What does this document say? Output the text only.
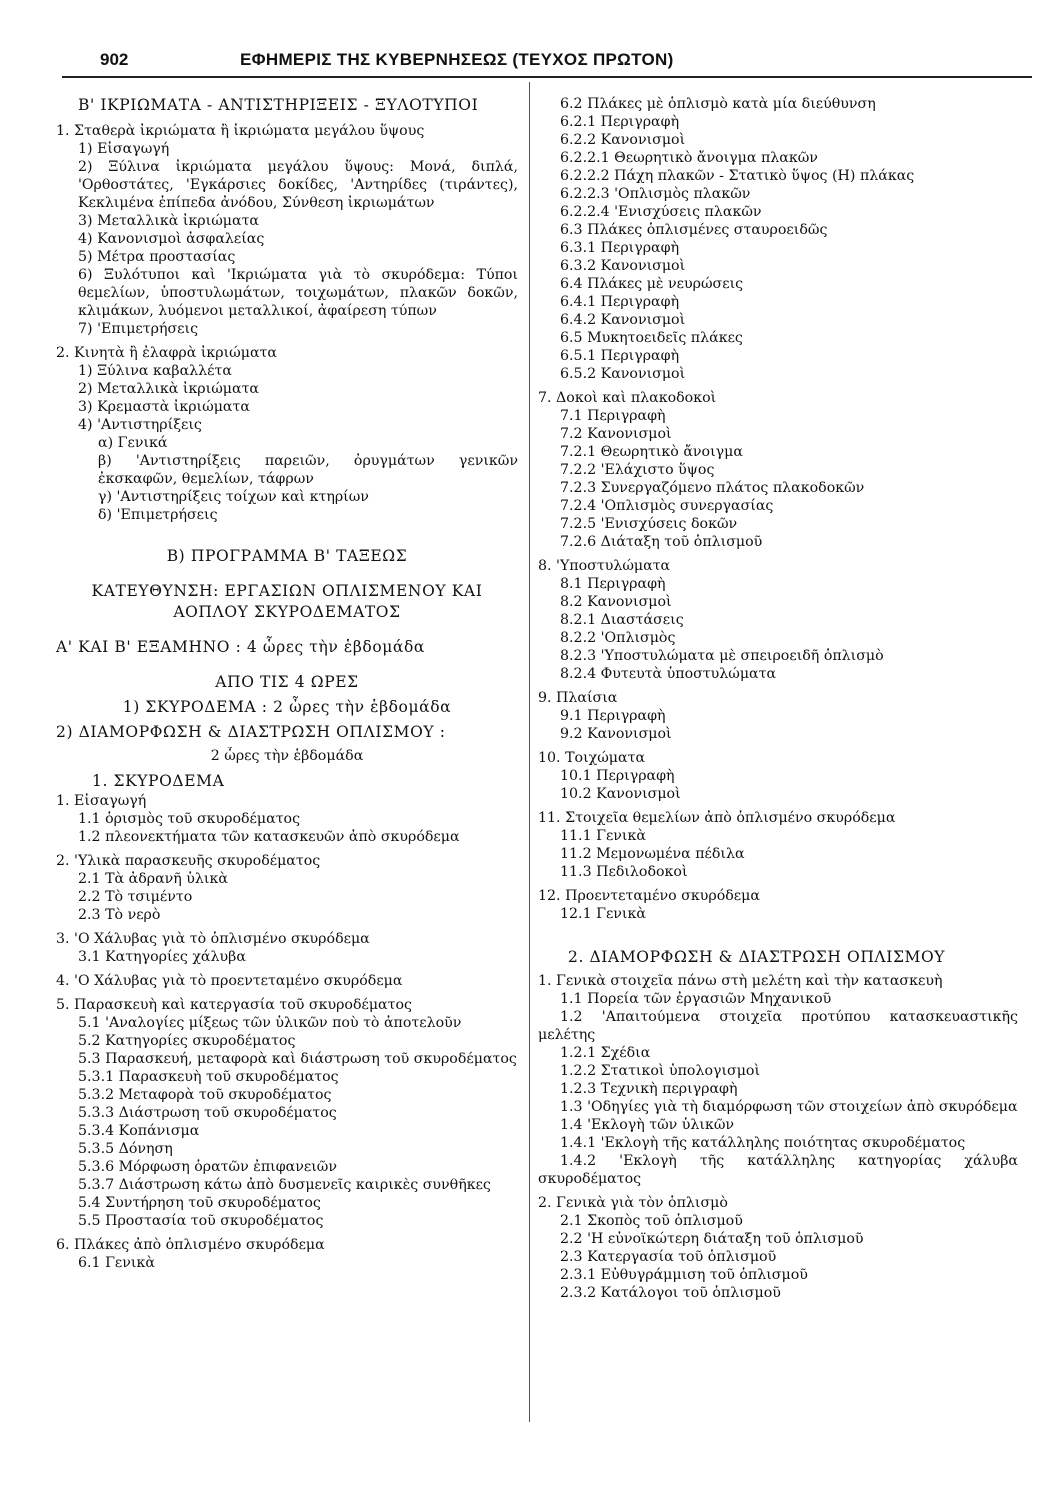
902	ΕΦΗΜΕΡΙΣ ΤΗΣ ΚΥΒΕΡΝΗΣΕΩΣ (ΤΕΥΧΟΣ ΠΡΩΤΟΝ)
Β' ΙΚΡΙΩΜΑΤΑ - ΑΝΤΙΣΤΗΡΙΞΕΙΣ - ΞΥΛΟΤΥΠΟΙ
1. Σταθερὰ ἰκριώματα ἢ ἰκριώματα μεγάλου ὕψους
1) Εἰσαγωγή
2) Ξύλινα ἰκριώματα μεγάλου ὕψους: Μονά, διπλά, 'Ορθοστάτες, 'Εγκάρσιες δοκίδες, 'Αντηρίδες (τιράντες), Κεκλιμένα ἐπίπεδα ἀνόδου, Σύνθεση ἰκριωμάτων
3) Μεταλλικὰ ἰκριώματα
4) Κανονισμοὶ ἀσφαλείας
5) Μέτρα προστασίας
6) Ξυλότυποι καὶ 'Ικριώματα γιὰ τὸ σκυρόδεμα: Τύποι θεμελίων, ὑποστυλωμάτων, τοιχωμάτων, πλακῶν δοκῶν, κλιμάκων, λυόμενοι μεταλλικοί, ἀφαίρεση τύπων
7) 'Επιμετρήσεις
2. Κινητὰ ἢ ἐλαφρὰ ἰκριώματα
1) Ξύλινα καβαλλέτα
2) Μεταλλικὰ ἰκριώματα
3) Κρεμαστὰ ἰκριώματα
4) 'Αντιστηρίξεις
α) Γενικά
β) 'Αντιστηρίξεις παρειῶν, ὀρυγμάτων γενικῶν ἐκσκαφῶν, θεμελίων, τάφρων
γ) 'Αντιστηρίξεις τοίχων καὶ κτηρίων
δ) 'Επιμετρήσεις
Β) ΠΡΟΓΡΑΜΜΑ Β' ΤΑΞΕΩΣ
ΚΑΤΕΥΘΥΝΣΗ: ΕΡΓΑΣΙΩΝ ΟΠΛΙΣΜΕΝΟΥ ΚΑΙ
ΑΟΠΛΟΥ ΣΚΥΡΟΔΕΜΑΤΟΣ
Α' ΚΑΙ Β' ΕΞΑΜΗΝΟ : 4 ὧρες τὴν ἑβδομάδα
ΑΠΟ ΤΙΣ 4 ΩΡΕΣ
1) ΣΚΥΡΟΔΕΜΑ : 2 ὧρες τὴν ἑβδομάδα
2) ΔΙΑΜΟΡΦΩΣΗ & ΔΙΑΣΤΡΩΣΗ ΟΠΛΙΣΜΟΥ :
2 ὧρες τὴν ἑβδομάδα
1. ΣΚΥΡΟΔΕΜΑ
1. Εἰσαγωγή
1.1 ὁρισμὸς τοῦ σκυροδέματος
1.2 πλεονεκτήματα τῶν κατασκευῶν ἀπὸ σκυρόδεμα
2. 'Υλικὰ παρασκευῆς σκυροδέματος
2.1 Τὰ ἀδρανῆ ὑλικὰ
2.2 Τὸ τσιμέντο
2.3 Τὸ νερὸ
3. 'Ο Χάλυβας γιὰ τὸ ὁπλισμένο σκυρόδεμα
3.1 Κατηγορίες χάλυβα
4. 'Ο Χάλυβας γιὰ τὸ προεντεταμένο σκυρόδεμα
5. Παρασκευὴ καὶ κατεργασία τοῦ σκυροδέματος
5.1 'Αναλογίες μίξεως τῶν ὑλικῶν ποὺ τὸ ἀποτελοῦν
5.2 Κατηγορίες σκυροδέματος
5.3 Παρασκευή, μεταφορὰ καὶ διάστρωση τοῦ σκυροδέματος
5.3.1 Παρασκευὴ τοῦ σκυροδέματος
5.3.2 Μεταφορὰ τοῦ σκυροδέματος
5.3.3 Διάστρωση τοῦ σκυροδέματος
5.3.4 Κοπάνισμα
5.3.5 Δόνηση
5.3.6 Μόρφωση ὁρατῶν ἐπιφανειῶν
5.3.7 Διάστρωση κάτω ἀπὸ δυσμενεῖς καιρικὲς συνθῆκες
5.4 Συντήρηση τοῦ σκυροδέματος
5.5 Προστασία τοῦ σκυροδέματος
6. Πλάκες ἀπὸ ὁπλισμένο σκυρόδεμα
6.1 Γενικὰ
6.2 Πλάκες μὲ ὁπλισμὸ κατὰ μία διεύθυνση
6.2.1 Περιγραφὴ
6.2.2 Κανονισμοὶ
6.2.2.1 Θεωρητικὸ ἄνοιγμα πλακῶν
6.2.2.2 Πάχη πλακῶν - Στατικὸ ὕψος (Η) πλάκας
6.2.2.3 'Οπλισμὸς πλακῶν
6.2.2.4 'Ενισχύσεις πλακῶν
6.3 Πλάκες ὁπλισμένες σταυροειδῶς
6.3.1 Περιγραφὴ
6.3.2 Κανονισμοὶ
6.4 Πλάκες μὲ νευρώσεις
6.4.1 Περιγραφὴ
6.4.2 Κανονισμοὶ
6.5 Μυκητοειδεῖς πλάκες
6.5.1 Περιγραφὴ
6.5.2 Κανονισμοὶ
7. Δοκοὶ καὶ πλακοδοκοὶ
7.1 Περιγραφὴ
7.2 Κανονισμοὶ
7.2.1 Θεωρητικὸ ἄνοιγμα
7.2.2 'Ελάχιστο ὕψος
7.2.3 Συνεργαζόμενο πλάτος πλακοδοκῶν
7.2.4 'Οπλισμὸς συνεργασίας
7.2.5 'Ενισχύσεις δοκῶν
7.2.6 Διάταξη τοῦ ὁπλισμοῦ
8. 'Υποστυλώματα
8.1 Περιγραφὴ
8.2 Κανονισμοὶ
8.2.1 Διαστάσεις
8.2.2 'Οπλισμὸς
8.2.3 'Υποστυλώματα μὲ σπειροειδῆ ὁπλισμὸ
8.2.4 Φυτευτὰ ὑποστυλώματα
9. Πλαίσια
9.1 Περιγραφὴ
9.2 Κανονισμοὶ
10. Τοιχώματα
10.1 Περιγραφὴ
10.2 Κανονισμοὶ
11. Στοιχεῖα θεμελίων ἀπὸ ὁπλισμένο σκυρόδεμα
11.1 Γενικὰ
11.2 Μεμονωμένα πέδιλα
11.3 Πεδιλοδοκοὶ
12. Προεντεταμένο σκυρόδεμα
12.1 Γενικὰ
2. ΔΙΑΜΟΡΦΩΣΗ & ΔΙΑΣΤΡΩΣΗ ΟΠΛΙΣΜΟΥ
1. Γενικὰ στοιχεῖα πάνω στὴ μελέτη καὶ τὴν κατασκευὴ
1.1 Πορεία τῶν ἐργασιῶν Μηχανικοῦ
1.2 'Απαιτούμενα στοιχεῖα προτύπου κατασκευαστικῆς μελέτης
1.2.1 Σχέδια
1.2.2 Στατικοὶ ὑπολογισμοὶ
1.2.3 Τεχνικὴ περιγραφὴ
1.3 'Οδηγίες γιὰ τὴ διαμόρφωση τῶν στοιχείων ἀπὸ σκυρόδεμα
1.4 'Εκλογὴ τῶν ὑλικῶν
1.4.1 'Εκλογὴ τῆς κατάλληλης ποιότητας σκυροδέματος
1.4.2 'Εκλογὴ τῆς κατάλληλης κατηγορίας χάλυβα σκυροδέματος
2. Γενικὰ γιὰ τὸν ὁπλισμὸ
2.1 Σκοπὸς τοῦ ὁπλισμοῦ
2.2 'Η εὐνοϊκώτερη διάταξη τοῦ ὁπλισμοῦ
2.3 Κατεργασία τοῦ ὁπλισμοῦ
2.3.1 Εὐθυγράμμιση τοῦ ὁπλισμοῦ
2.3.2 Κατάλογοι τοῦ ὁπλισμοῦ
